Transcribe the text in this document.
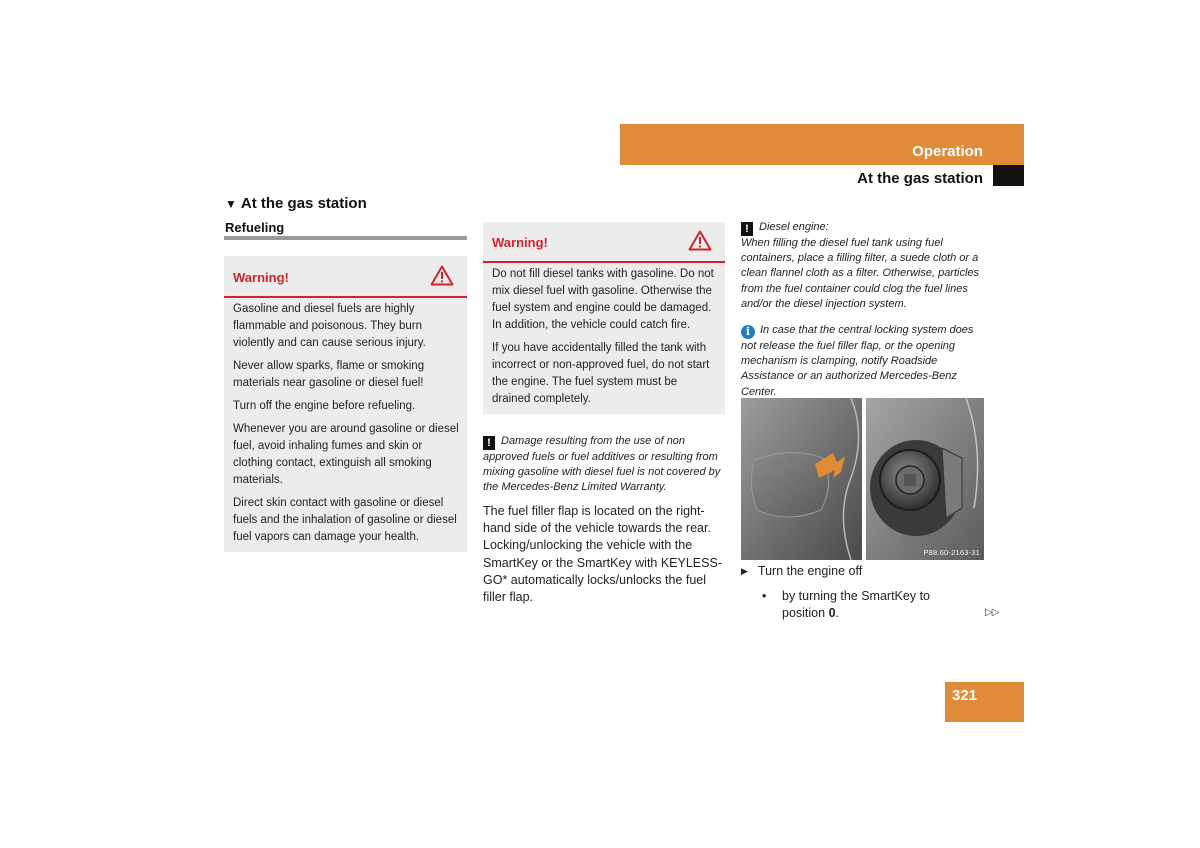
Operation
At the gas station
▼ At the gas station
Refueling
Warning!

Gasoline and diesel fuels are highly flammable and poisonous. They burn violently and can cause serious injury.

Never allow sparks, flame or smoking materials near gasoline or diesel fuel!

Turn off the engine before refueling.

Whenever you are around gasoline or diesel fuel, avoid inhaling fumes and skin or clothing contact, extinguish all smoking materials.

Direct skin contact with gasoline or diesel fuels and the inhalation of gasoline or diesel fuel vapors can damage your health.

Warning!

Do not fill diesel tanks with gasoline. Do not mix diesel fuel with gasoline. Otherwise the fuel system and engine could be damaged. In addition, the vehicle could catch fire.

If you have accidentally filled the tank with incorrect or non-approved fuel, do not start the engine. The fuel system must be drained completely.

! Damage resulting from the use of non approved fuels or fuel additives or resulting from mixing gasoline with diesel fuel is not covered by the Mercedes-Benz Limited Warranty.
The fuel filler flap is located on the right-hand side of the vehicle towards the rear. Locking/unlocking the vehicle with the SmartKey or the SmartKey with KEYLESS-GO* automatically locks/unlocks the fuel filler flap.
! Diesel engine:
When filling the diesel fuel tank using fuel containers, place a filling filter, a suede cloth or a clean flannel cloth as a filter. Otherwise, particles from the fuel container could clog the fuel lines and/or the diesel injection system.
i In case that the central locking system does not release the fuel filler flap, or the opening mechanism is clamping, notify Roadside Assistance or an authorized Mercedes-Benz Center.
P88.60-2163-31
▶ Turn the engine off
• by turning the SmartKey to position 0.	▷▷
321
